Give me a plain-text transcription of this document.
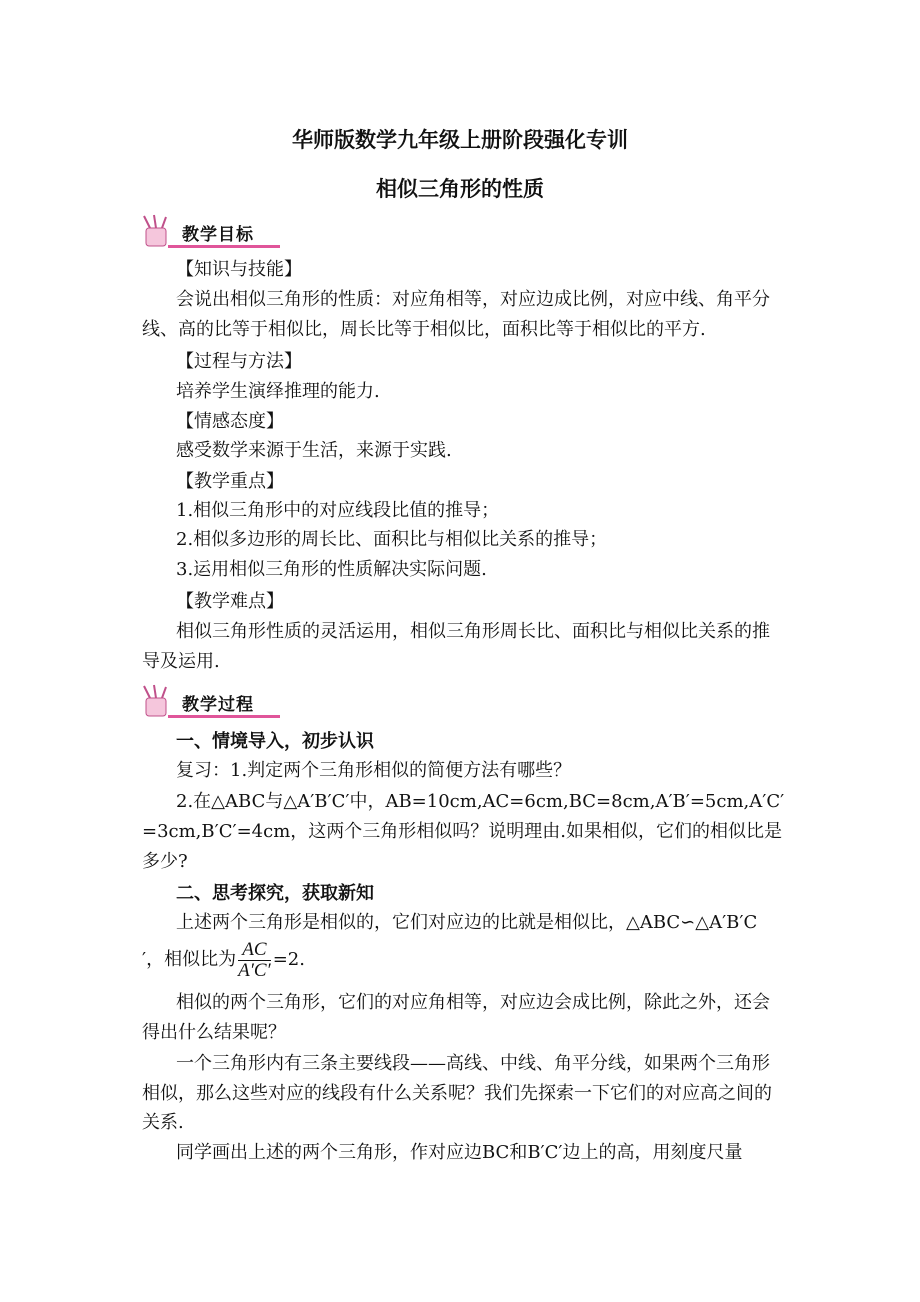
华师版数学九年级上册阶段强化专训
相似三角形的性质
教学目标
【知识与技能】
会说出相似三角形的性质：对应角相等，对应边成比例，对应中线、角平分
线、高的比等于相似比，周长比等于相似比，面积比等于相似比的平方.
【过程与方法】
培养学生演绎推理的能力.
【情感态度】
感受数学来源于生活，来源于实践.
【教学重点】
1.相似三角形中的对应线段比值的推导；
2.相似多边形的周长比、面积比与相似比关系的推导；
3.运用相似三角形的性质解决实际问题.
【教学难点】
相似三角形性质的灵活运用，相似三角形周长比、面积比与相似比关系的推
导及运用.
教学过程
一、情境导入，初步认识
复习：1.判定两个三角形相似的简便方法有哪些？
2.在△ABC与△A′B′C′中，AB=10cm,AC=6cm,BC=8cm,A′B′=5cm,A′C′
=3cm,B′C′=4cm，这两个三角形相似吗？说明理由.如果相似，它们的相似比是
多少?
二、思考探究，获取新知
上述两个三角形是相似的，它们对应边的比就是相似比，△ABC∽△A′B′C
′，相似比为 $\frac{AC}{A'C'} =2$.
相似的两个三角形，它们的对应角相等，对应边会成比例，除此之外，还会
得出什么结果呢？
一个三角形内有三条主要线段——高线、中线、角平分线，如果两个三角形
相似，那么这些对应的线段有什么关系呢？我们先探索一下它们的对应高之间的
关系.
同学画出上述的两个三角形，作对应边BC和B′C′边上的高，用刻度尺量
